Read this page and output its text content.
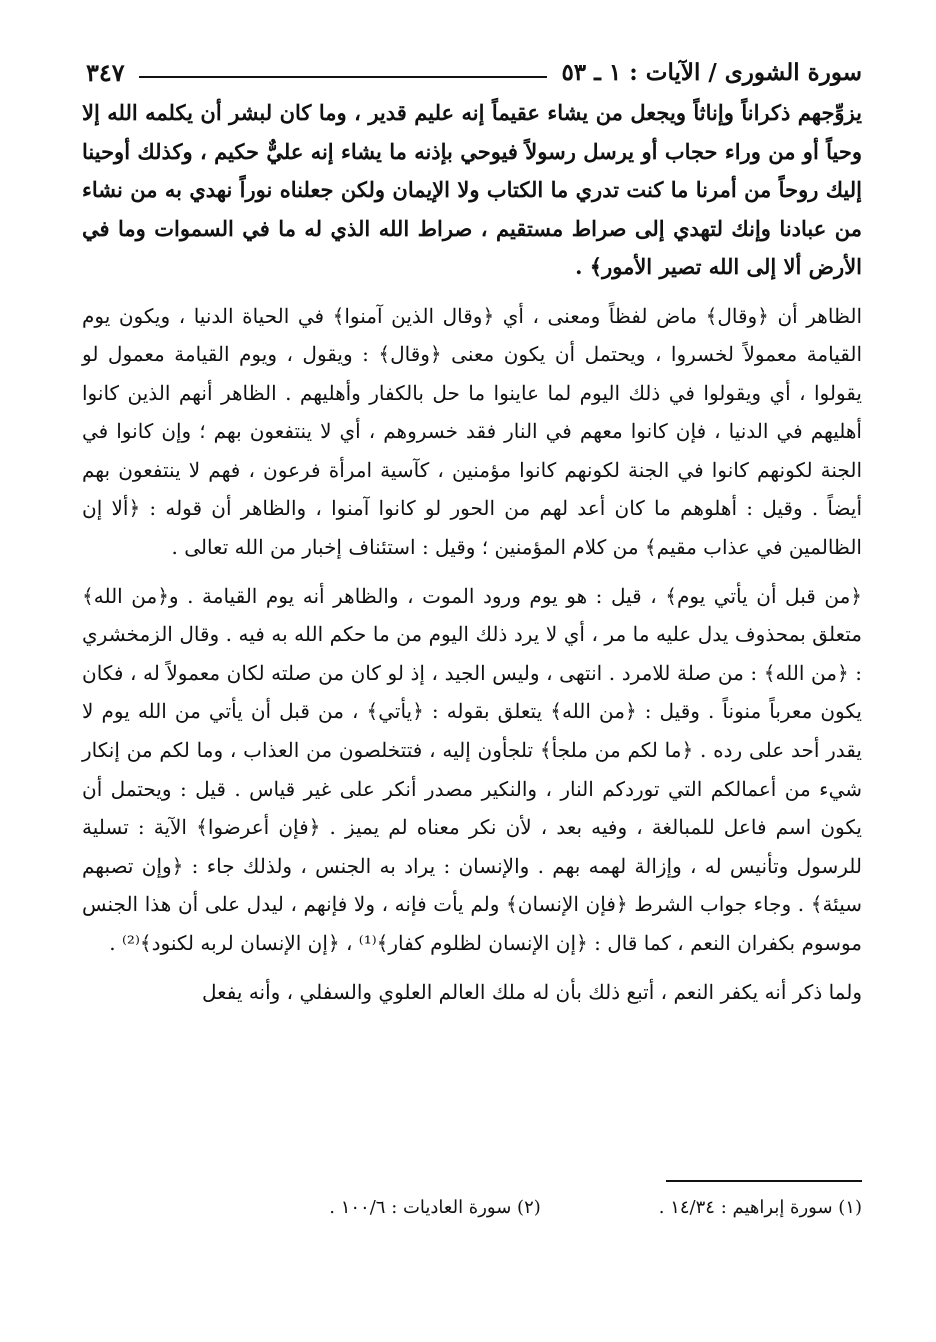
سورة الشورى / الآيات : ١ ـ ٥٣
٣٤٧

يزوِّجهم ذكراناً وإناثاً ويجعل من يشاء عقيماً إنه عليم قدير ، وما كان لبشر أن يكلمه الله إلا وحياً أو من وراء حجاب أو يرسل رسولاً فيوحي بإذنه ما يشاء إنه عليٌّ حكيم ، وكذلك أوحينا إليك روحاً من أمرنا ما كنت تدري ما الكتاب ولا الإيمان ولكن جعلناه نوراً نهدي به من نشاء من عبادنا وإنك لتهدي إلى صراط مستقيم ، صراط الله الذي له ما في السموات وما في الأرض ألا إلى الله تصير الأمور﴾ .

الظاهر أن ﴿وقال﴾ ماض لفظاً ومعنى ، أي ﴿وقال الذين آمنوا﴾ في الحياة الدنيا ، ويكون يوم القيامة معمولاً لخسروا ، ويحتمل أن يكون معنى ﴿وقال﴾ : ويقول ، ويوم القيامة معمول لو يقولوا ، أي ويقولوا في ذلك اليوم لما عاينوا ما حل بالكفار وأهليهم . الظاهر أنهم الذين كانوا أهليهم في الدنيا ، فإن كانوا معهم في النار فقد خسروهم ، أي لا ينتفعون بهم ؛ وإن كانوا في الجنة لكونهم كانوا في الجنة لكونهم كانوا مؤمنين ، كآسية امرأة فرعون ، فهم لا ينتفعون بهم أيضاً . وقيل : أهلوهم ما كان أعد لهم من الحور لو كانوا آمنوا ، والظاهر أن قوله : ﴿ألا إن الظالمين في عذاب مقيم﴾ من كلام المؤمنين ؛ وقيل : استئناف إخبار من الله تعالى .

﴿من قبل أن يأتي يوم﴾ ، قيل : هو يوم ورود الموت ، والظاهر أنه يوم القيامة . و﴿من الله﴾ متعلق بمحذوف يدل عليه ما مر ، أي لا يرد ذلك اليوم من ما حكم الله به فيه . وقال الزمخشري : ﴿من الله﴾ : من صلة للامرد . انتهى ، وليس الجيد ، إذ لو كان من صلته لكان معمولاً له ، فكان يكون معرباً منوناً . وقيل : ﴿من الله﴾ يتعلق بقوله : ﴿يأتي﴾ ، من قبل أن يأتي من الله يوم لا يقدر أحد على رده . ﴿ما لكم من ملجأ﴾ تلجأون إليه ، فتتخلصون من العذاب ، وما لكم من إنكار شيء من أعمالكم التي توردكم النار ، والنكير مصدر أنكر على غير قياس . قيل : ويحتمل أن يكون اسم فاعل للمبالغة ، وفيه بعد ، لأن نكر معناه لم يميز . ﴿فإن أعرضوا﴾ الآية : تسلية للرسول وتأنيس له ، وإزالة لهمه بهم . والإنسان : يراد به الجنس ، ولذلك جاء : ﴿وإن تصبهم سيئة﴾ . وجاء جواب الشرط ﴿فإن الإنسان﴾ ولم يأت فإنه ، ولا فإنهم ، ليدل على أن هذا الجنس موسوم بكفران النعم ، كما قال : ﴿إن الإنسان لظلوم كفار﴾⁽¹⁾ ، ﴿إن الإنسان لربه لكنود﴾⁽²⁾ .

ولما ذكر أنه يكفر النعم ، أتبع ذلك بأن له ملك العالم العلوي والسفلي ، وأنه يفعل

(١) سورة إبراهيم : ١٤/٣٤ .
(٢) سورة العاديات : ١٠٠/٦ .
